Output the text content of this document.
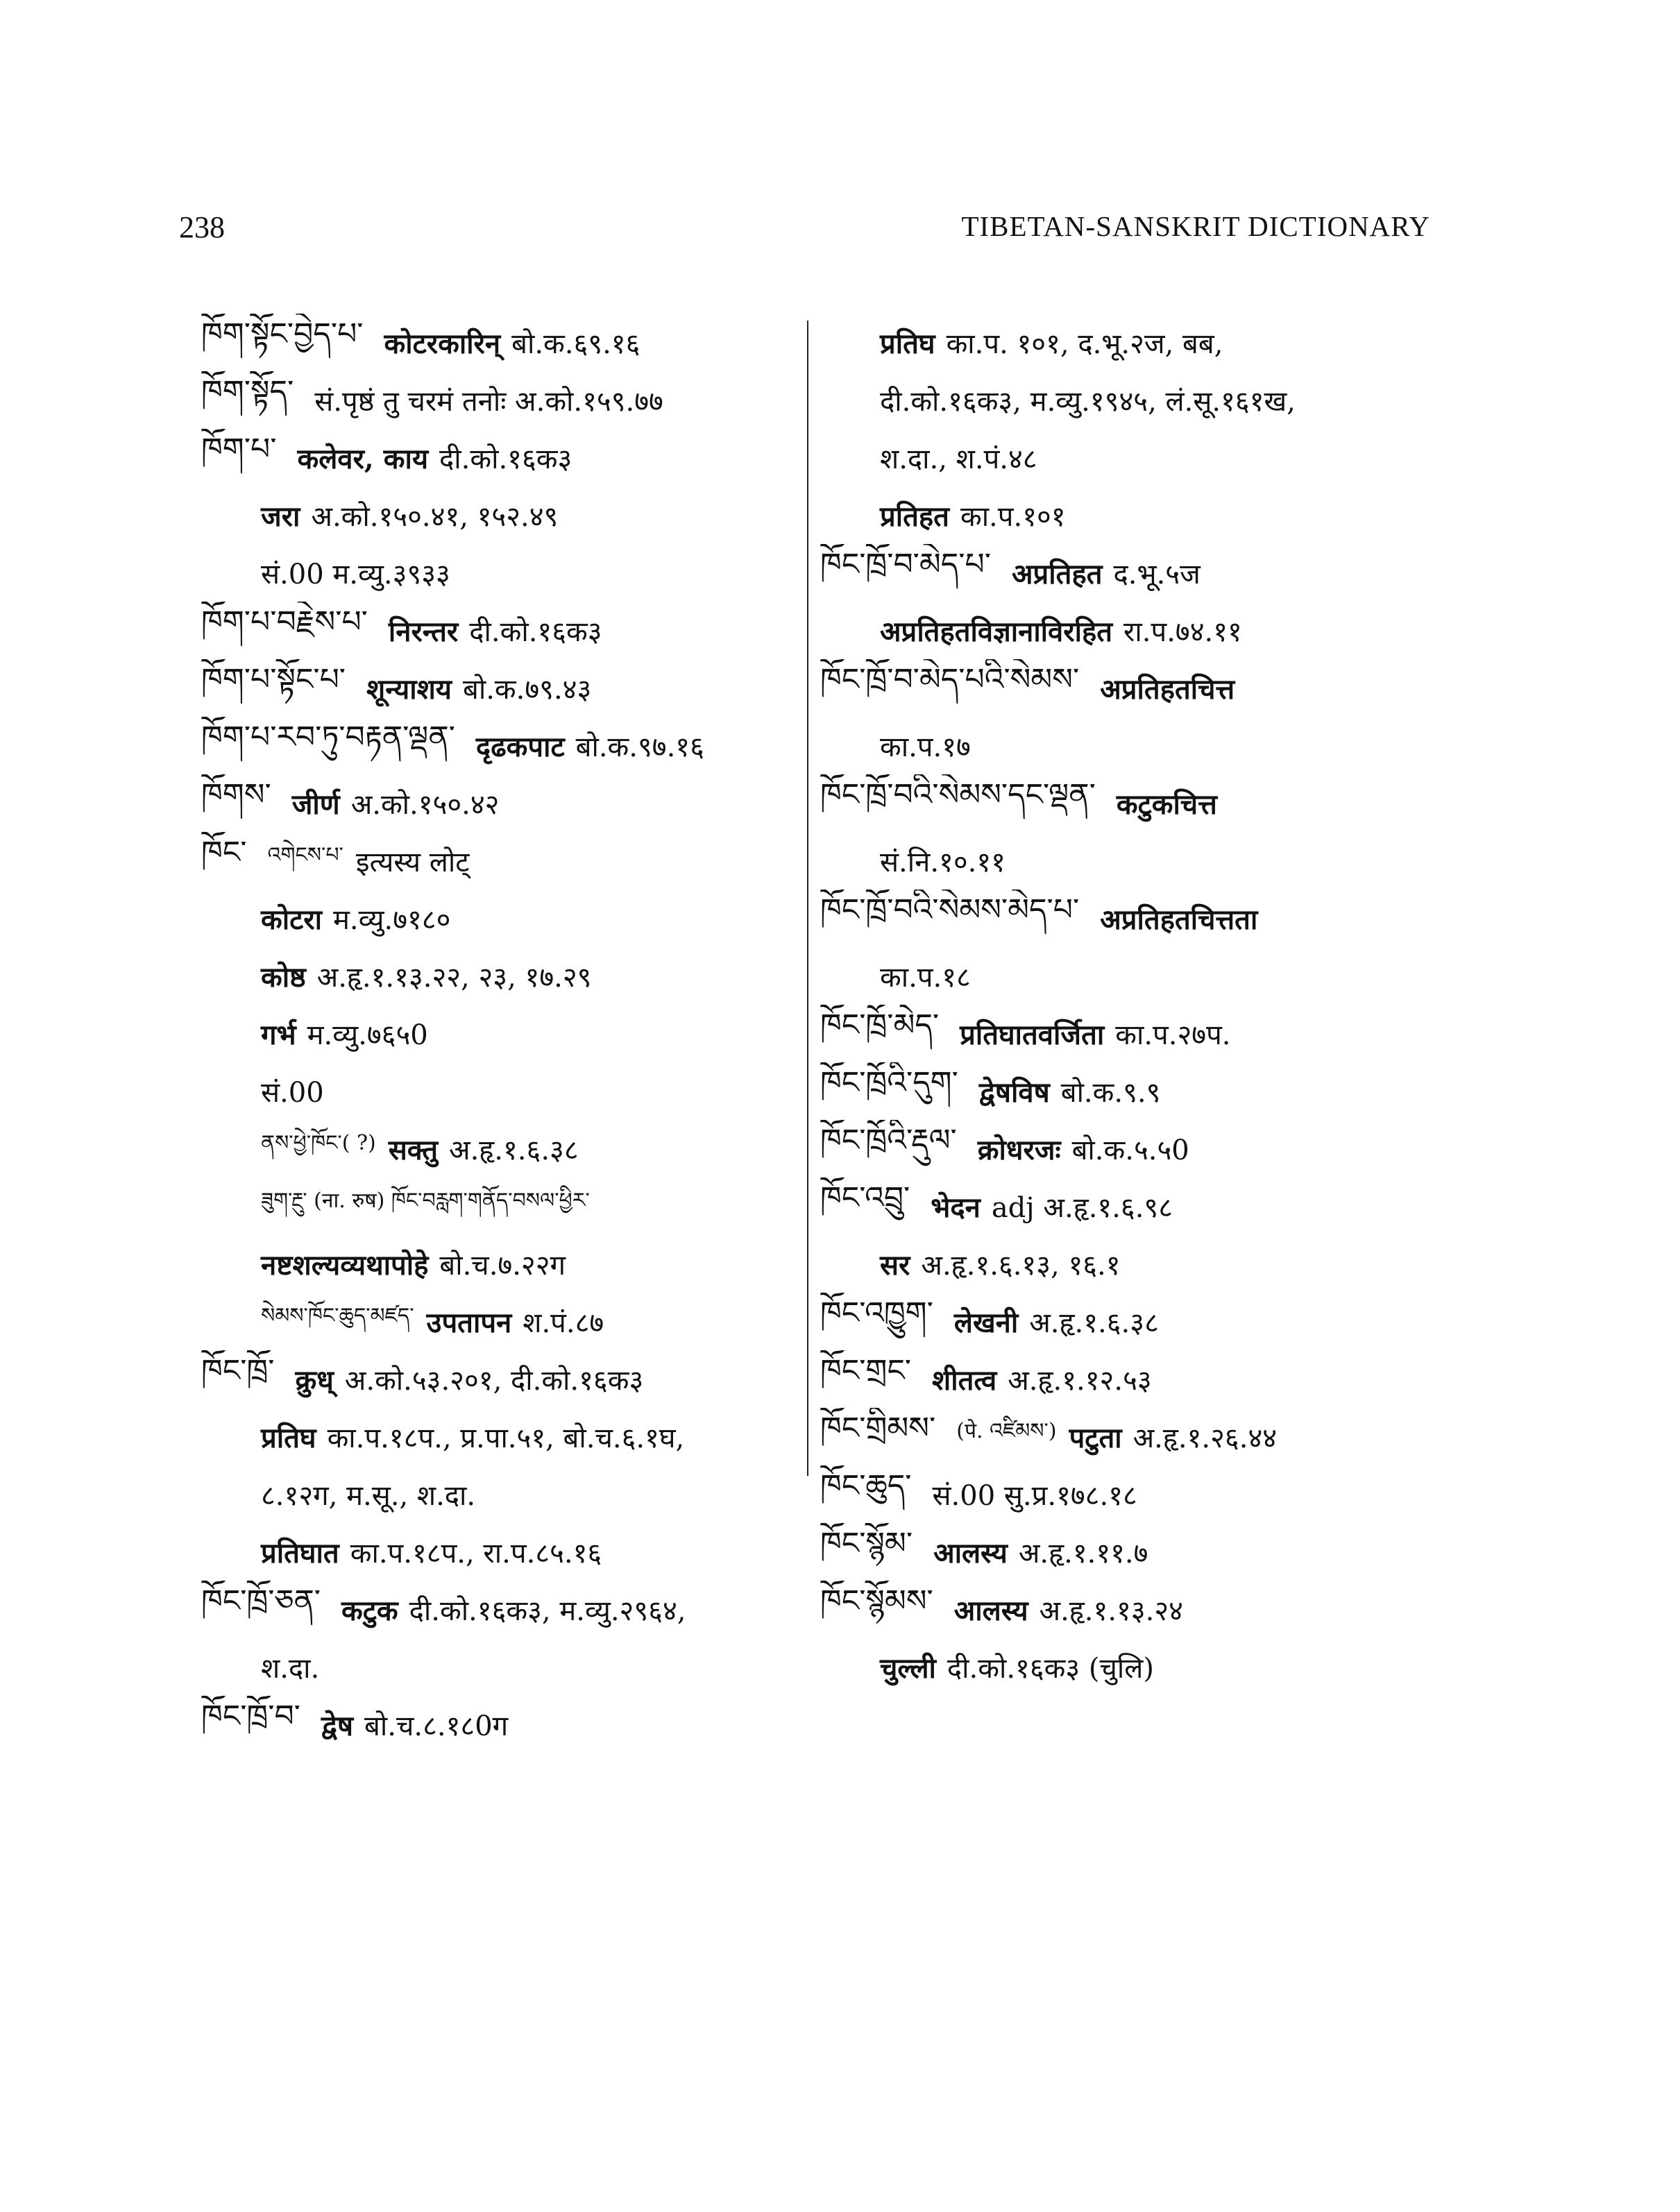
238	TIBETAN-SANSKRIT DICTIONARY
ཁོག་སྟོང་བྱེད་པ་ कोटरकारिन् बो.क.६९.१६
ཁོག་སྟོད་ सं.पृष्ठं तु चरमं तनोः अ.को.१५९.७७
ཁོག་པ་ कलेवर, काय दी.को.१६क३
जरा अ.को.१५०.४१, १५२.४९
सं.00 म.व्यु.३९३३
ཁོག་པ་བརྗེས་པ་ निरन्तर दी.को.१६क३
ཁོག་པ་སྟོང་པ་ शून्याशय बो.क.७९.४३
ཁོག་པ་རབ་ཏུ་བརྟན་ལྡན་ दृढकपाट बो.क.९७.१६
ཁོགས་ जीर्ण अ.को.१५०.४२
ཁོང་ འགེངས་པ་ इत्यस्य लोट्
कोटरा म.व्यु.७१८०
कोष्ठ अ.हृ.१.१३.२२, २३, १७.२९
गर्भ म.व्यु.७६५0
सं.00
ནས་ཕྱེ་ཁོང་( ?) सक्तु अ.हृ.१.६.३८
ཟུག་རྔུ་ (ना. रुष) ཁོང་བརླག་གནོད་བསལ་ཕྱིར་
नष्टशल्यव्यथापोहे बो.च.७.२२ग
སེམས་ཁོང་ཆུད་མཛད་ उपतापन श.पं.८७
ཁོང་ཁྲོ་ क्रुध् अ.को.५३.२०१, दी.को.१६क३
प्रतिघ का.प.१८प., प्र.पा.५१, बो.च.६.१घ,
८.१२ग, म.सू., श.दा.
प्रतिघात का.प.१८प., रा.प.८५.१६
ཁོང་ཁྲོ་ཅན་ कटुक दी.को.१६क३, म.व्यु.२९६४,
श.दा.
ཁོང་ཁྲོ་བ་ द्वेष बो.च.८.१८0ग
प्रतिघ का.प. १०१, द.भू.२ज, बब,
दी.को.१६क३, म.व्यु.१९४५, लं.सू.१६१ख,
श.दा., श.पं.४८
प्रतिहत का.प.१०१
ཁོང་ཁྲོ་བ་མེད་པ་ अप्रतिहत द.भू.५ज
अप्रतिहतविज्ञानाविरहित रा.प.७४.११
ཁོང་ཁྲོ་བ་མེད་པའི་སེམས་ अप्रतिहतचित्त
का.प.१७
ཁོང་ཁྲོ་བའི་སེམས་དང་ལྡན་ कटुकचित्त
सं.नि.१०.११
ཁོང་ཁྲོ་བའི་སེམས་མེད་པ་ अप्रतिहतचित्तता
का.प.१८
ཁོང་ཁྲོ་མེད་ प्रतिघातवर्जिता का.प.२७प.
ཁོང་ཁྲོའི་དུག་ द्वेषविष बो.क.९.९
ཁོང་ཁྲོའི་རྡུལ་ क्रोधरजः बो.क.५.५0
ཁོང་འབྲུ་ भेदन adj अ.हृ.१.६.९८
सर अ.हृ.१.६.१३, १६.१
ཁོང་འཁྱུག་ लेखनी अ.हृ.१.६.३८
ཁོང་གྲང་ शीतत्व अ.हृ.१.१२.५३
ཁོང་གྲིམས་ (पे. འཛིམས་) पटुता अ.हृ.१.२६.४४
ཁོང་ཆུད་ सं.00 सु.प्र.१७८.१८
ཁོང་སྙོམ་ आलस्य अ.हृ.१.११.७
ཁོང་སྙོམས་ आलस्य अ.हृ.१.१३.२४
चुल्ली दी.को.१६क३ (चुलि)
